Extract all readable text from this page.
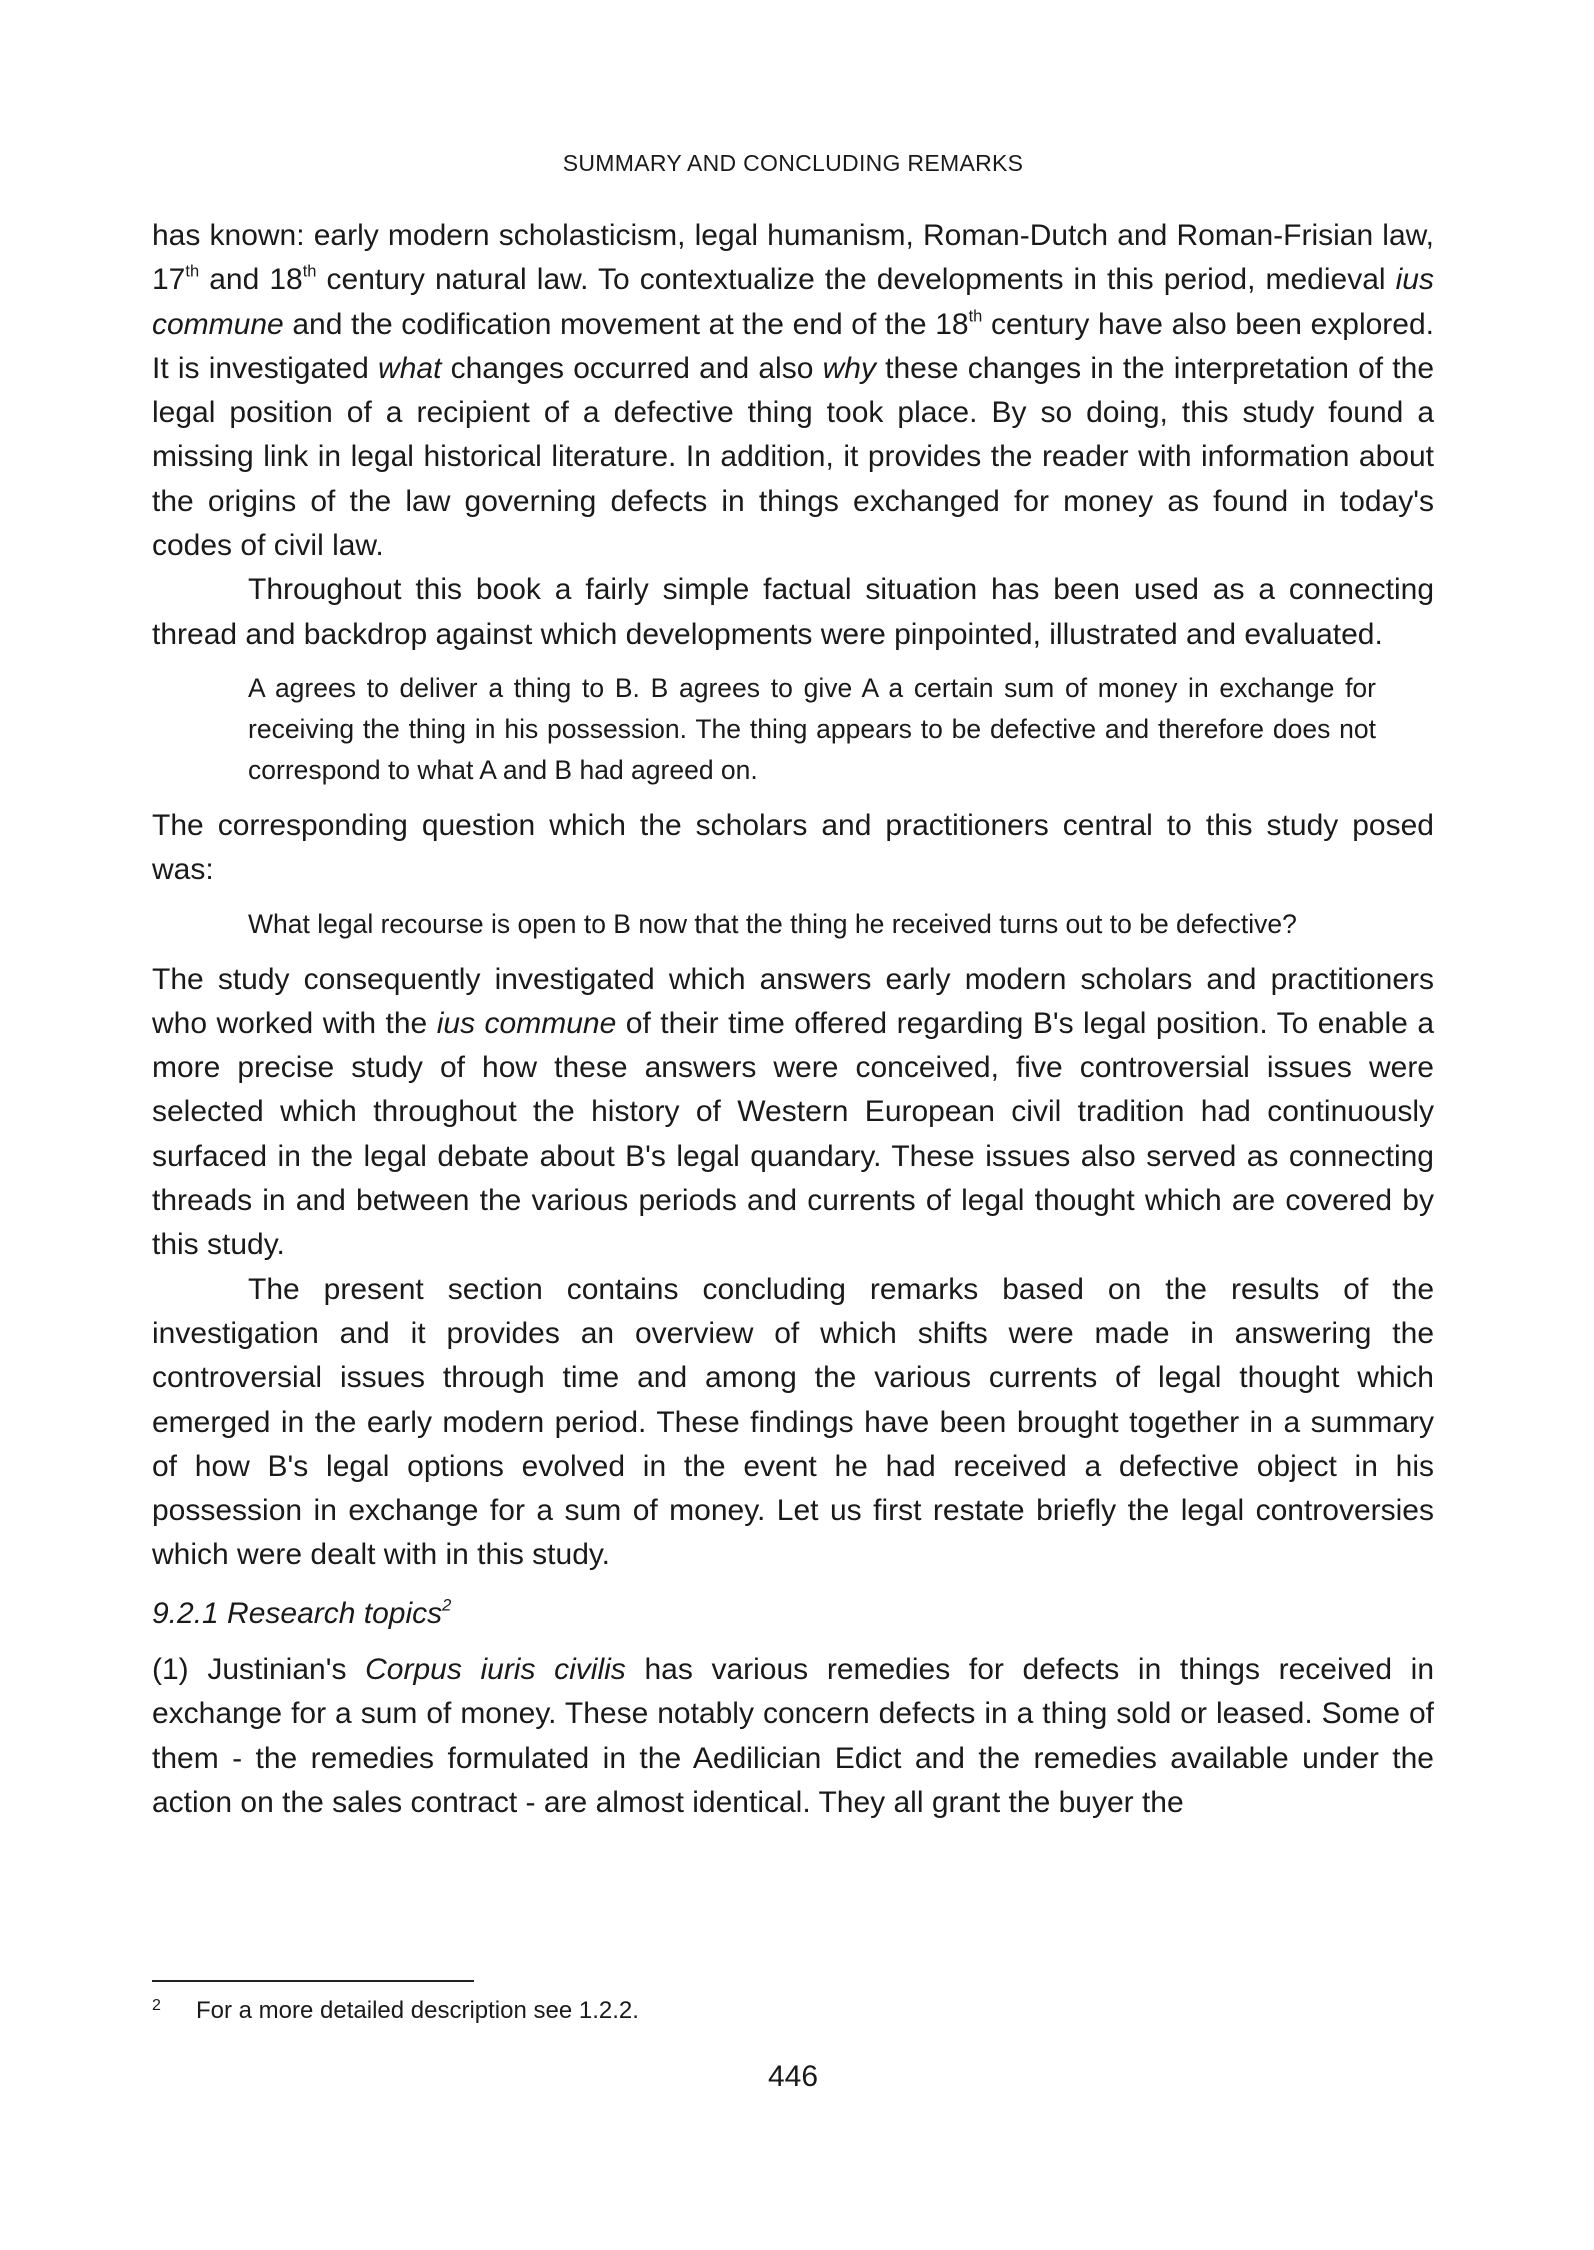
SUMMARY AND CONCLUDING REMARKS

has known: early modern scholasticism, legal humanism, Roman-Dutch and Roman-Frisian law, 17th and 18th century natural law. To contextualize the developments in this period, medieval ius commune and the codification movement at the end of the 18th century have also been explored. It is investigated what changes occurred and also why these changes in the interpretation of the legal position of a recipient of a defective thing took place. By so doing, this study found a missing link in legal historical literature. In addition, it provides the reader with information about the origins of the law governing defects in things exchanged for money as found in today's codes of civil law.

Throughout this book a fairly simple factual situation has been used as a connecting thread and backdrop against which developments were pinpointed, illustrated and evaluated.

A agrees to deliver a thing to B. B agrees to give A a certain sum of money in exchange for receiving the thing in his possession. The thing appears to be defective and therefore does not correspond to what A and B had agreed on.

The corresponding question which the scholars and practitioners central to this study posed was:

What legal recourse is open to B now that the thing he received turns out to be defective?

The study consequently investigated which answers early modern scholars and practitioners who worked with the ius commune of their time offered regarding B's legal position. To enable a more precise study of how these answers were conceived, five controversial issues were selected which throughout the history of Western European civil tradition had continuously surfaced in the legal debate about B's legal quandary. These issues also served as connecting threads in and between the various periods and currents of legal thought which are covered by this study.

The present section contains concluding remarks based on the results of the investigation and it provides an overview of which shifts were made in answering the controversial issues through time and among the various currents of legal thought which emerged in the early modern period. These findings have been brought together in a summary of how B's legal options evolved in the event he had received a defective object in his possession in exchange for a sum of money. Let us first restate briefly the legal controversies which were dealt with in this study.

9.2.1 Research topics$^2$

(1) Justinian's Corpus iuris civilis has various remedies for defects in things received in exchange for a sum of money. These notably concern defects in a thing sold or leased. Some of them - the remedies formulated in the Aedilician Edict and the remedies available under the action on the sales contract - are almost identical. They all grant the buyer the

2 For a more detailed description see 1.2.2.
446
